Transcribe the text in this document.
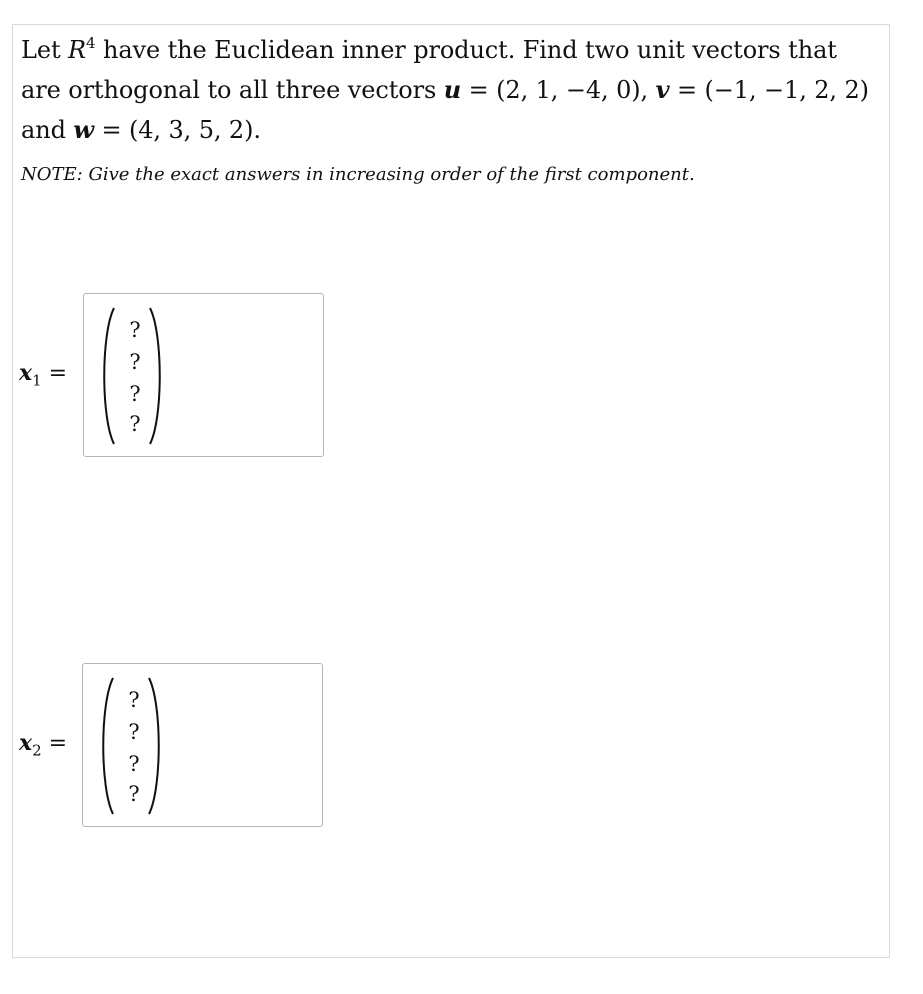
Let $R^4$ have the Euclidean inner product. Find two unit vectors that
are orthogonal to all three vectors u = (2, 1, −4, 0), v = (−1, −1, 2, 2)
and w = (4, 3, 5, 2).
NOTE: Give the exact answers in increasing order of the first component.
$x_1$ =
?
?
?
?
$x_2$ =
?
?
?
?
